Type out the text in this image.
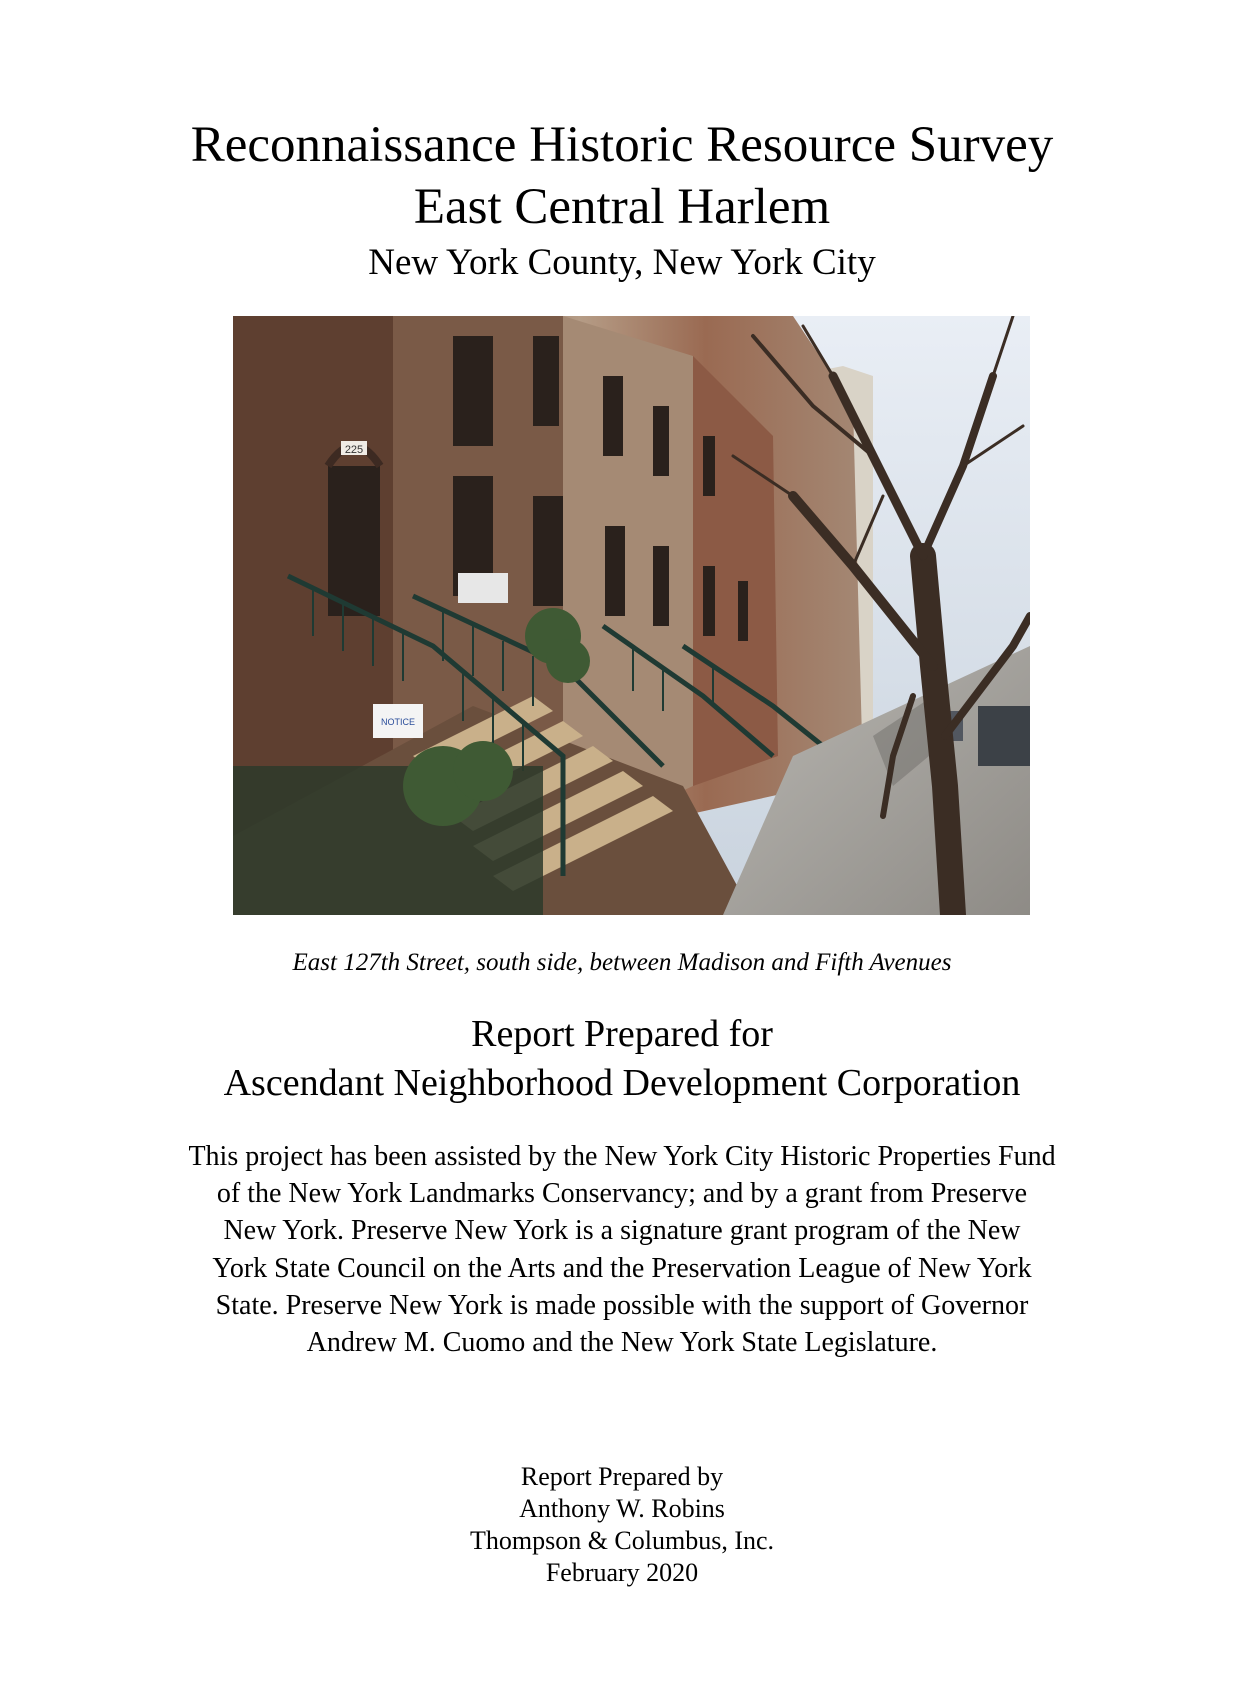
Reconnaissance Historic Resource Survey
East Central Harlem
New York County, New York City
225
NOTICE
East 127th Street, south side, between Madison and Fifth Avenues
Report Prepared for
Ascendant Neighborhood Development Corporation
This project has been assisted by the New York City Historic Properties Fund
of the New York Landmarks Conservancy; and by a grant from Preserve
New York. Preserve New York is a signature grant program of the New
York State Council on the Arts and the Preservation League of New York
State. Preserve New York is made possible with the support of Governor
Andrew M. Cuomo and the New York State Legislature.
Report Prepared by
Anthony W. Robins
Thompson & Columbus, Inc.
February 2020
